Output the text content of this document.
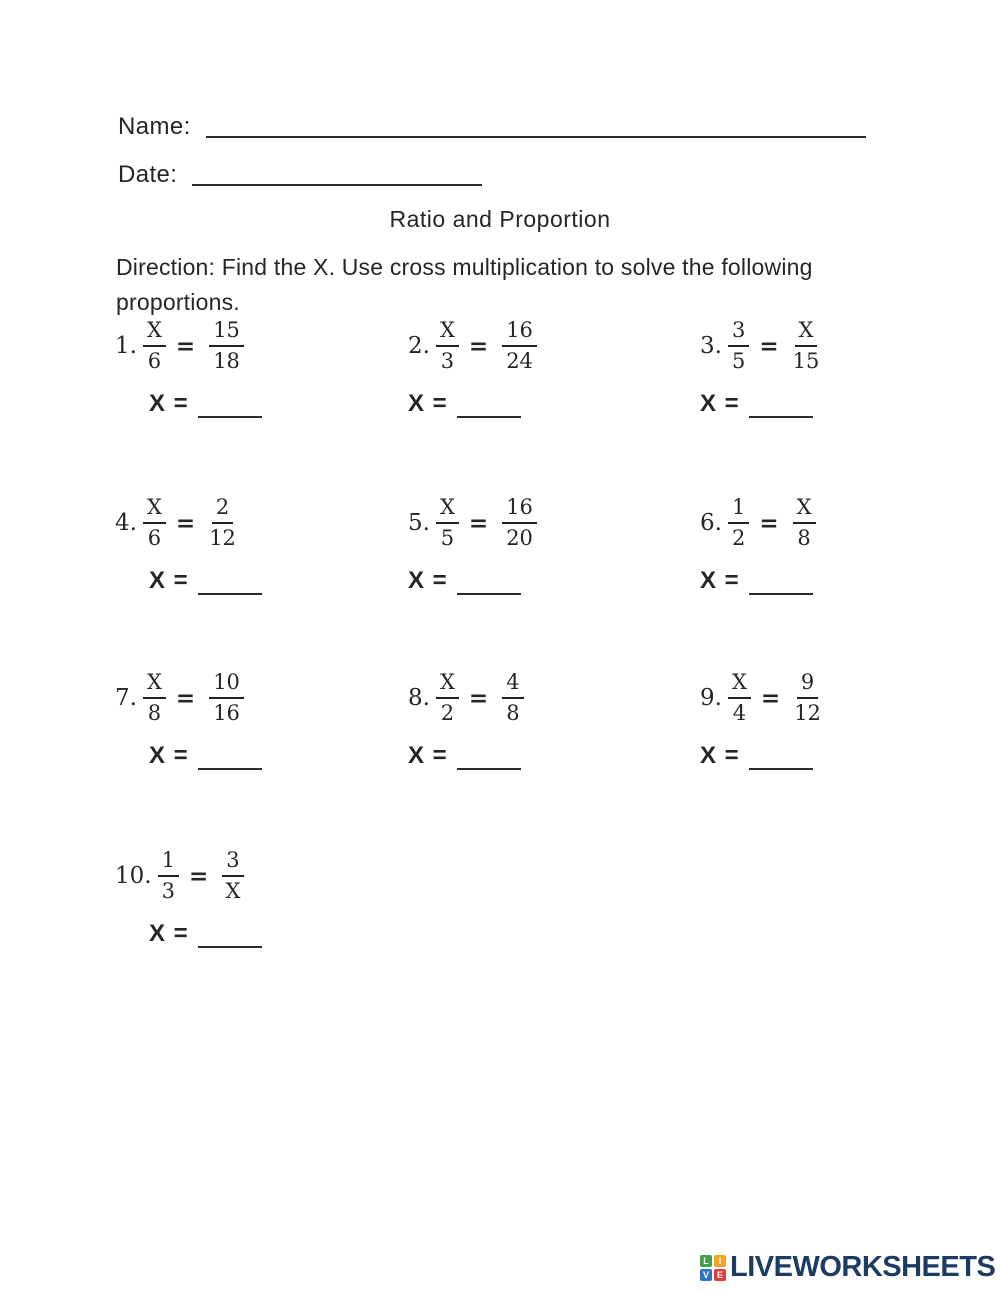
Name:
Date:
Ratio and Proportion
Direction: Find the X. Use cross multiplication to solve the following proportions.
1. $\frac{X}{6} = \frac{15}{18}$
X =
2. $\frac{X}{3} = \frac{16}{24}$
X =
3. $\frac{3}{5} = \frac{X}{15}$
X =
4. $\frac{X}{6} = \frac{2}{12}$
X =
5. $\frac{X}{5} = \frac{16}{20}$
X =
6. $\frac{1}{2} = \frac{X}{8}$
X =
7. $\frac{X}{8} = \frac{10}{16}$
X =
8. $\frac{X}{2} = \frac{4}{8}$
X =
9. $\frac{X}{4} = \frac{9}{12}$
X =
10. $\frac{1}{3} = \frac{3}{X}$
X =
L	I
V E LIVEWORKSHEETS
